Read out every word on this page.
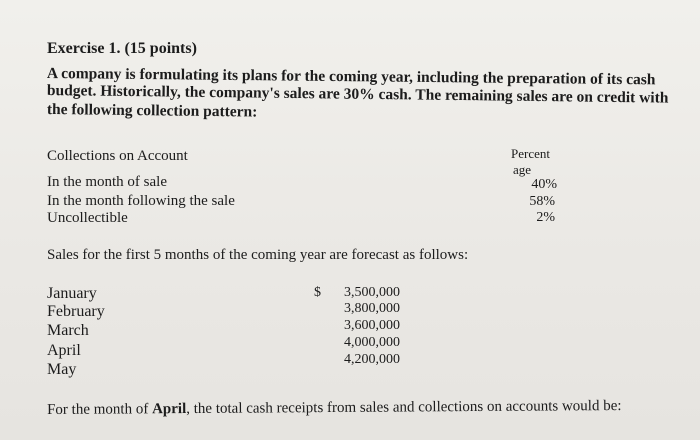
Exercise 1. (15 points)
A company is formulating its plans for the coming year, including the preparation of its cash
budget. Historically, the company's sales are 30% cash. The remaining sales are on credit with
the following collection pattern:
Collections on Account	Percent
age
In the month of sale
In the month following the sale
Uncollectible
40%
58%
2%
Sales for the first 5 months of the coming year are forecast as follows:
$
January
February
March
April
May
3,500,000
3,800,000
3,600,000
4,000,000
4,200,000
For the month of April, the total cash receipts from sales and collections on accounts would be:
